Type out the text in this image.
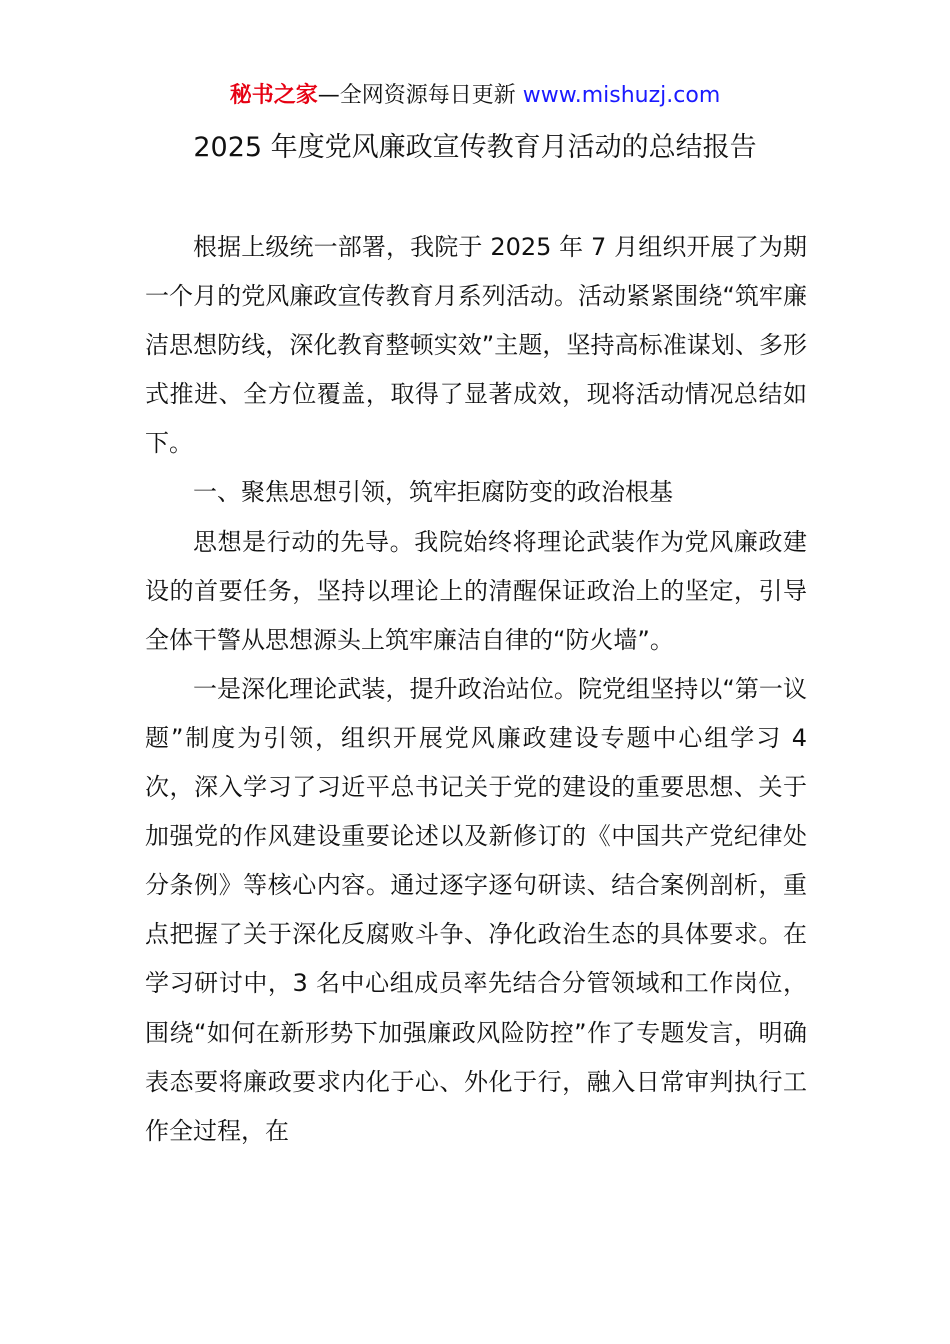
秘书之家—全网资源每日更新 www.mishuzj.com
2025 年度党风廉政宣传教育月活动的总结报告

根据上级统一部署，我院于 2025 年 7 月组织开展了为期一个月的党风廉政宣传教育月系列活动。活动紧紧围绕“筑牢廉洁思想防线，深化教育整顿实效”主题，坚持高标准谋划、多形式推进、全方位覆盖，取得了显著成效，现将活动情况总结如下。

一、聚焦思想引领，筑牢拒腐防变的政治根基

思想是行动的先导。我院始终将理论武装作为党风廉政建设的首要任务，坚持以理论上的清醒保证政治上的坚定，引导全体干警从思想源头上筑牢廉洁自律的“防火墙”。

一是深化理论武装，提升政治站位。院党组坚持以“第一议题”制度为引领，组织开展党风廉政建设专题中心组学习 4 次，深入学习了习近平总书记关于党的建设的重要思想、关于加强党的作风建设重要论述以及新修订的《中国共产党纪律处分条例》等核心内容。通过逐字逐句研读、结合案例剖析，重点把握了关于深化反腐败斗争、净化政治生态的具体要求。在学习研讨中，3 名中心组成员率先结合分管领域和工作岗位，围绕“如何在新形势下加强廉政风险防控”作了专题发言，明确表态要将廉政要求内化于心、外化于行，融入日常审判执行工作全过程，在
